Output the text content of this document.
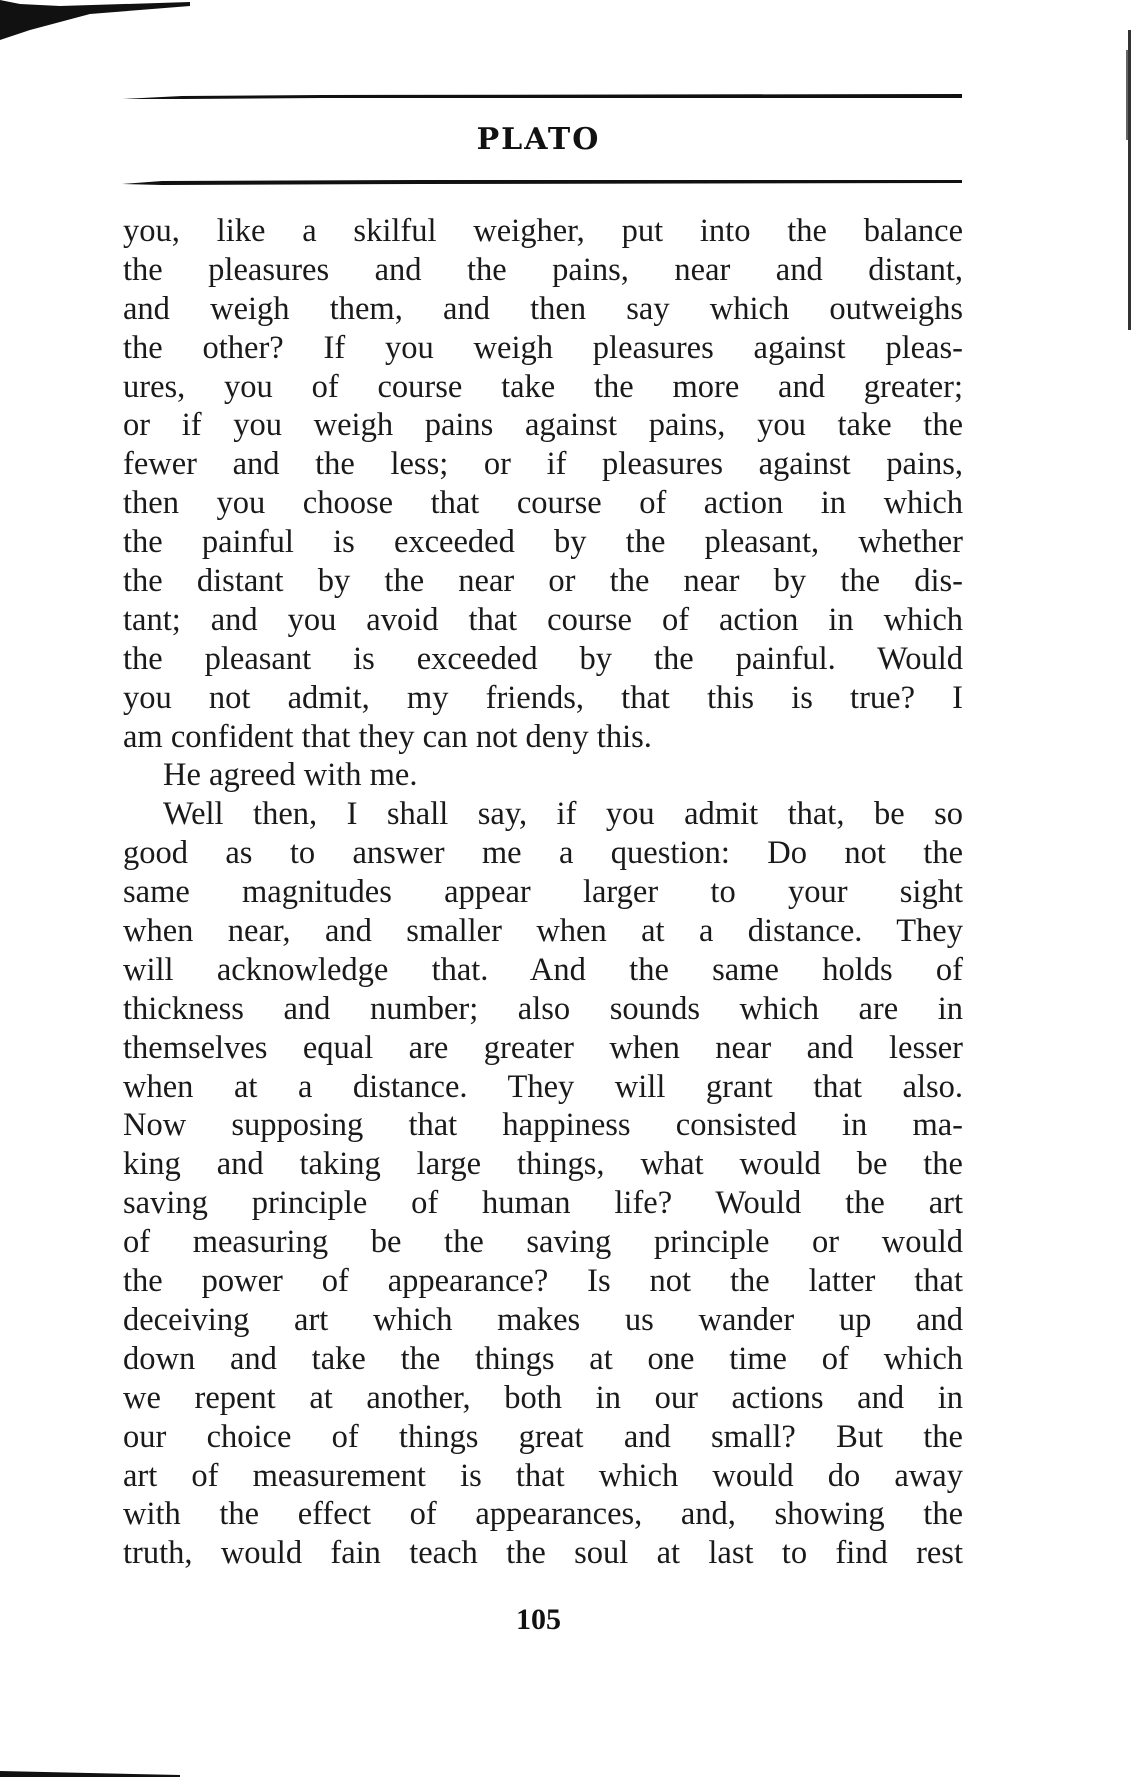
PLATO
you, like a skilful weigher, put into the balance
the pleasures and the pains, near and distant,
and weigh them, and then say which outweighs
the other? If you weigh pleasures against pleas-
ures, you of course take the more and greater;
or if you weigh pains against pains, you take the
fewer and the less; or if pleasures against pains,
then you choose that course of action in which
the painful is exceeded by the pleasant, whether
the distant by the near or the near by the dis-
tant; and you avoid that course of action in which
the pleasant is exceeded by the painful. Would
you not admit, my friends, that this is true? I
am confident that they can not deny this.
He agreed with me.
Well then, I shall say, if you admit that, be so
good as to answer me a question: Do not the
same magnitudes appear larger to your sight
when near, and smaller when at a distance. They
will acknowledge that. And the same holds of
thickness and number; also sounds which are in
themselves equal are greater when near and lesser
when at a distance. They will grant that also.
Now supposing that happiness consisted in ma-
king and taking large things, what would be the
saving principle of human life? Would the art
of measuring be the saving principle or would
the power of appearance? Is not the latter that
deceiving art which makes us wander up and
down and take the things at one time of which
we repent at another, both in our actions and in
our choice of things great and small? But the
art of measurement is that which would do away
with the effect of appearances, and, showing the
truth, would fain teach the soul at last to find rest
105
